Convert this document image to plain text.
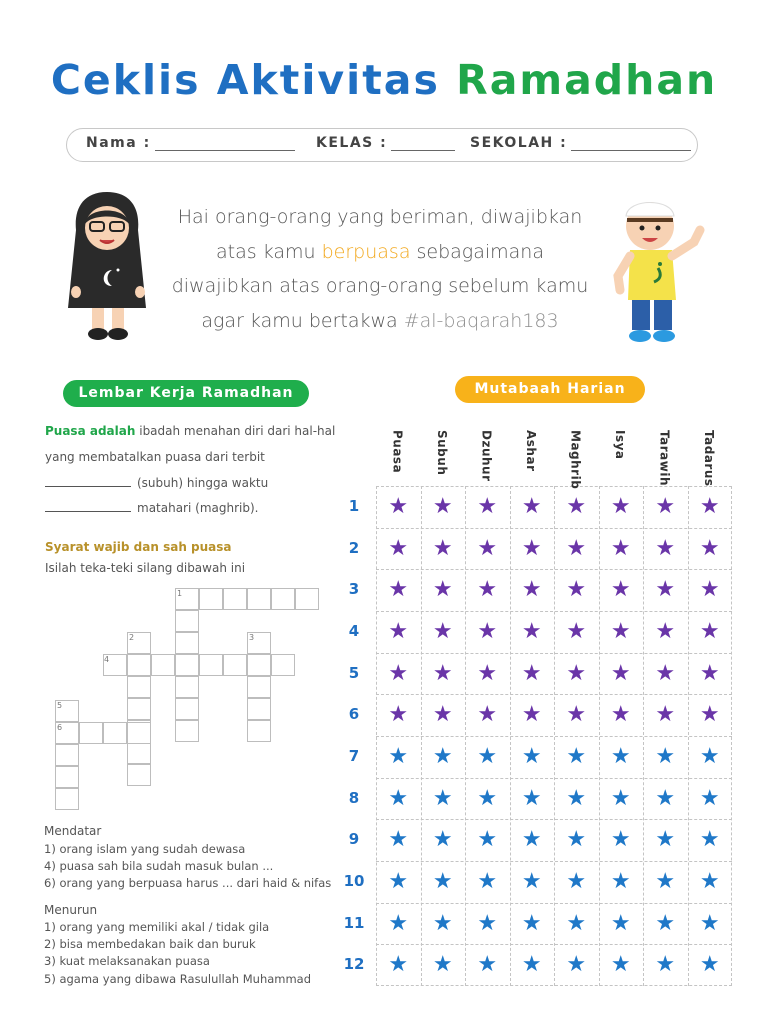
Ceklis Aktivitas Ramadhan
Nama :	KELAS :	SEKOLAH :
Hai orang-orang yang beriman, diwajibkan
atas kamu berpuasa sebagaimana
diwajibkan atas orang-orang sebelum kamu
agar kamu bertakwa #al-baqarah183
Lembar Kerja Ramadhan	Mutabaah Harian
Puasa adalah ibadah menahan diri dari hal-hal
yang membatalkan puasa dari terbit
(subuh) hingga waktu
matahari (maghrib).
Syarat wajib dan sah puasa
Isilah teka-teki silang dibawah ini
1
2	3
4
5
6
Mendatar
1) orang islam yang sudah dewasa
4) puasa sah bila sudah masuk bulan ...
6) orang yang berpuasa harus ... dari haid & nifas
Menurun
1) orang yang memiliki akal / tidak gila
2) bisa membedakan baik dan buruk
3) kuat melaksanakan puasa
5) agama yang dibawa Rasulullah Muhammad
Puasa	Subuh	Dzuhur	Ashar	Maghrib	Isya	Tarawih	Tadarus
1	★ ★ ★ ★ ★ ★ ★ ★
2	★ ★ ★ ★ ★ ★ ★ ★
3	★ ★ ★ ★ ★ ★ ★ ★
4	★ ★ ★ ★ ★ ★ ★ ★
5	★ ★ ★ ★ ★ ★ ★ ★
6	★ ★ ★ ★ ★ ★ ★ ★
7	★ ★ ★ ★ ★ ★ ★ ★
8	★ ★ ★ ★ ★ ★ ★ ★
9	★ ★ ★ ★ ★ ★ ★ ★
10 ★ ★ ★ ★ ★ ★ ★ ★
11 ★ ★ ★ ★ ★ ★ ★ ★
12 ★ ★ ★ ★ ★ ★ ★ ★
